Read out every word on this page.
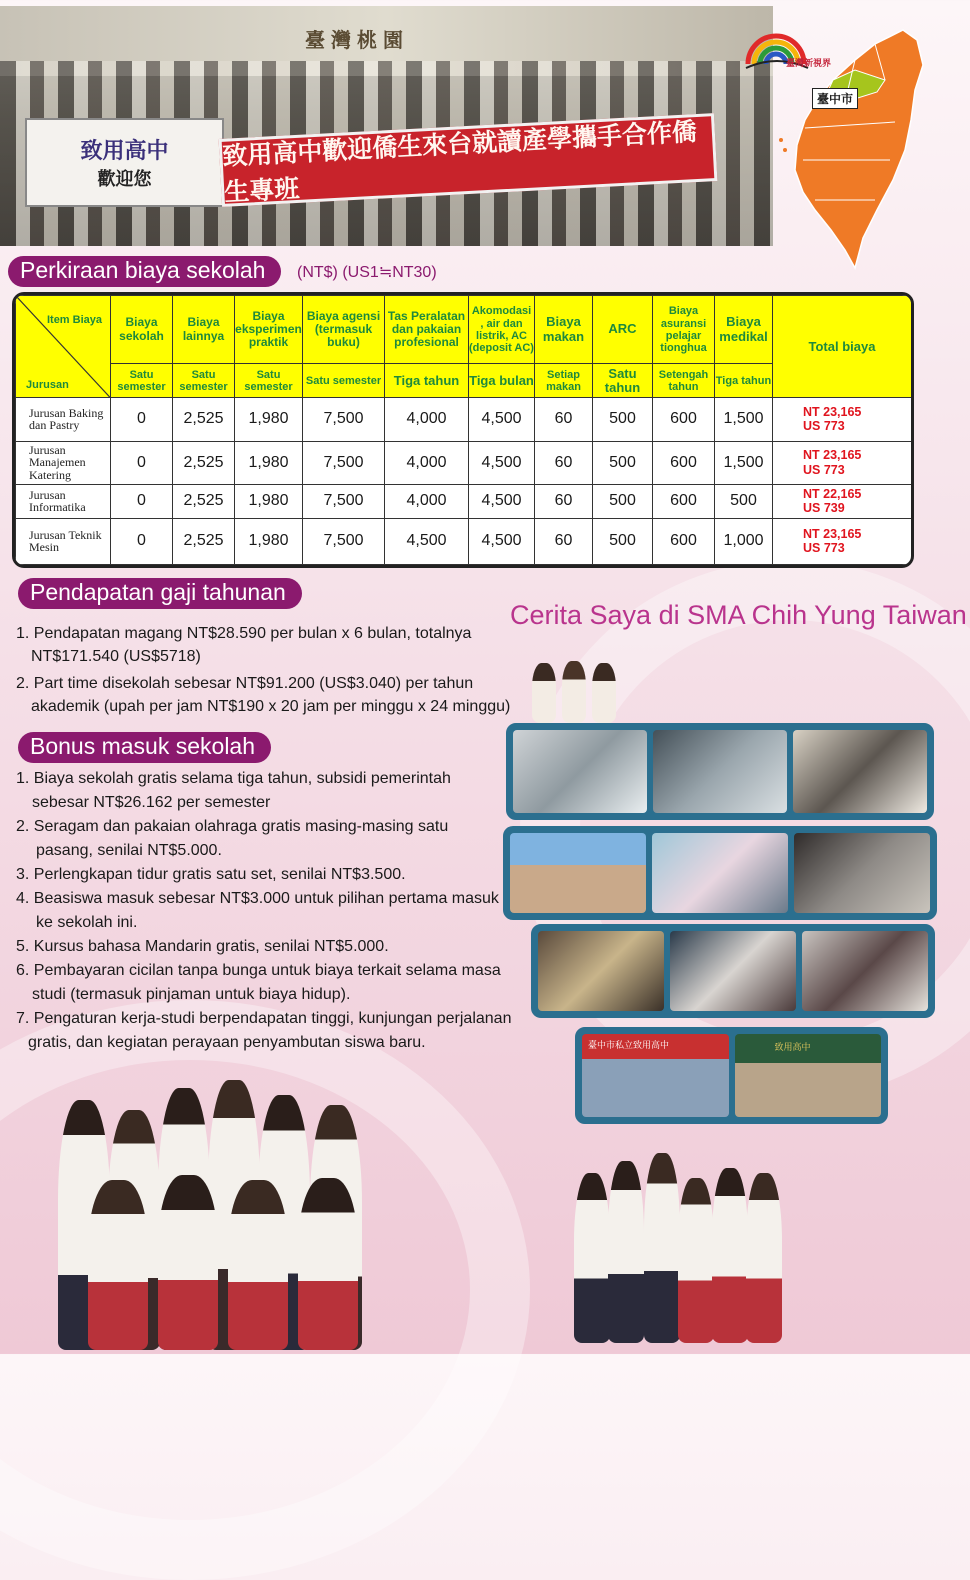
臺灣桃園
致用高中
歡迎您
致用高中歡迎僑生來台就讀產學攜手合作僑生專班
臺灣新視界
臺中市
Perkiraan biaya sekolah	(NT$) (US1≒NT30)
Item Biaya
Jurusan	Biaya sekolah	Biaya lainnya	Biaya eksperimen praktik	Biaya agensi (termasuk buku)	Tas Peralatan dan pakaian profesional	Akomodasi , air dan listrik, AC (deposit AC)	Biaya makan	ARC	Biaya asuransi pelajar tionghua	Biaya medikal	Total biaya
	Satu semester	Satu semester	Satu semester	Satu semester	Tiga tahun	Tiga bulan	Setiap makan	Satu tahun	Setengah tahun	Tiga tahun	
Jurusan Baking dan Pastry	0	2,525	1,980	7,500	4,000	4,500	60	500	600	1,500	NT 23,165
US 773

Jurusan Manajemen Katering	0	2,525	1,980	7,500	4,000	4,500	60	500	600	1,500	NT 23,165
US 773

Jurusan Informatika	0	2,525	1,980	7,500	4,000	4,500	60	500	600	500	NT 22,165
US 739

Jurusan Teknik Mesin	0	2,525	1,980	7,500	4,500	4,500	60	500	600	1,000	NT 23,165
US 773
Pendapatan gaji tahunan

1. Pendapatan magang NT$28.590 per bulan x 6 bulan, totalnya

NT$171.540 (US$5718)

2. Part time disekolah sebesar NT$91.200 (US$3.040) per tahun

akademik (upah per jam NT$190 x 20 jam per minggu x 24 minggu)

Bonus masuk sekolah

1. Biaya sekolah gratis selama tiga tahun, subsidi pemerintah

sebesar NT$26.162 per semester

2. Seragam dan pakaian olahraga gratis masing-masing satu

pasang, senilai NT$5.000.

3. Perlengkapan tidur gratis satu set, senilai NT$3.500.

4. Beasiswa masuk sebesar NT$3.000 untuk pilihan pertama masuk

ke sekolah ini.

5. Kursus bahasa Mandarin gratis, senilai NT$5.000.

6. Pembayaran cicilan tanpa bunga untuk biaya terkait selama masa

studi (termasuk pinjaman untuk biaya hidup).

7. Pengaturan kerja-studi berpendapatan tinggi, kunjungan perjalanan

gratis, dan kegiatan perayaan penyambutan siswa baru.

Cerita Saya di SMA Chih Yung Taiwan
臺中市私立致用高中	致用高中
